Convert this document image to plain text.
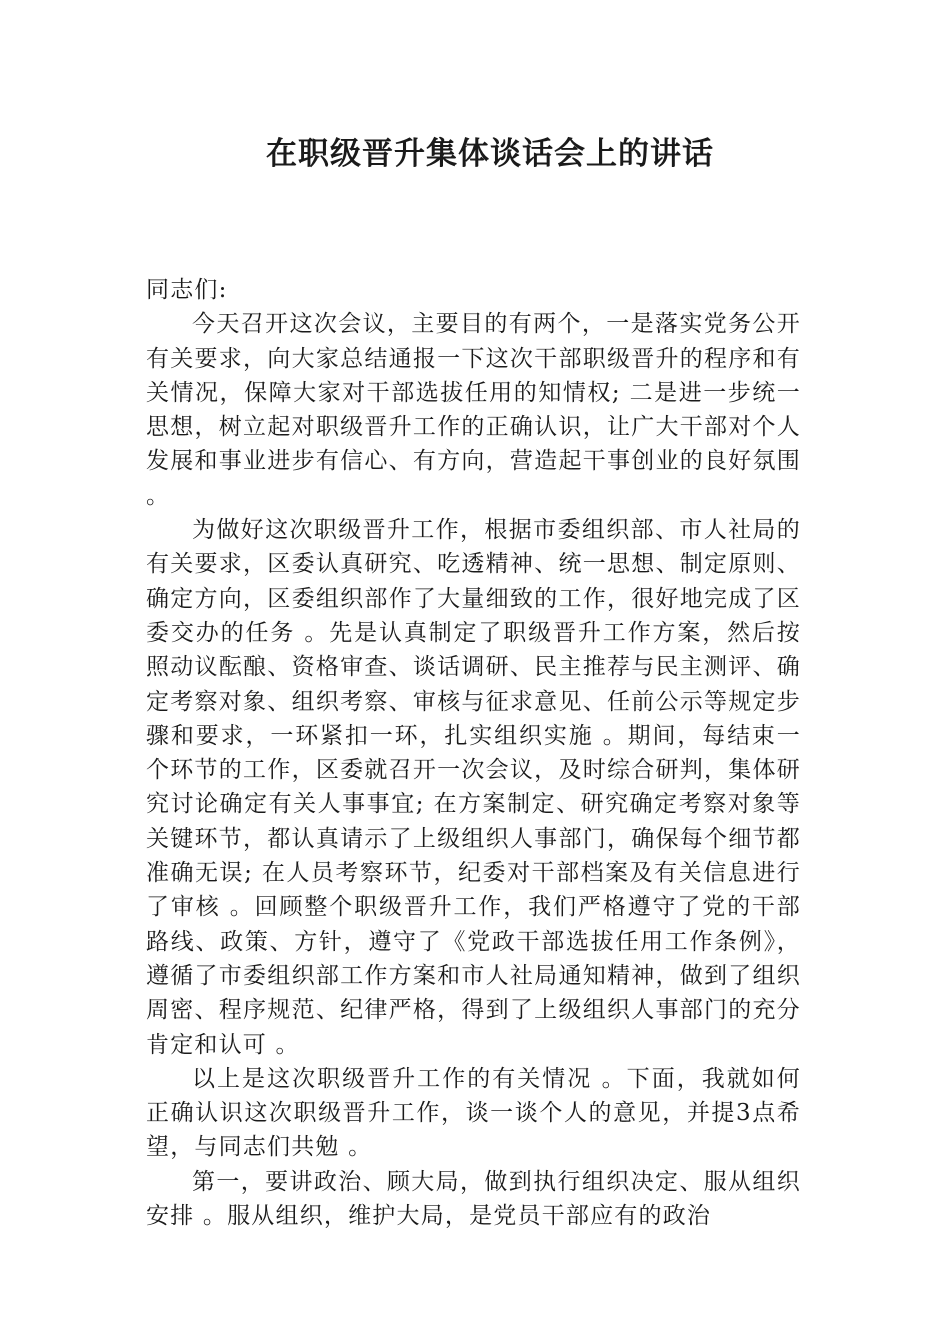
在职级晋升集体谈话会上的讲话

同志们:

今天召开这次会议，主要目的有两个，一是落实党务公开有关要求，向大家总结通报一下这次干部职级晋升的程序和有关情况，保障大家对干部选拔任用的知情权; 二是进一步统一思想，树立起对职级晋升工作的正确认识，让广大干部对个人发展和事业进步有信心、有方向，营造起干事创业的良好氛围 。

为做好这次职级晋升工作，根据市委组织部、市人社局的有关要求，区委认真研究、吃透精神、统一思想、制定原则、确定方向，区委组织部作了大量细致的工作，很好地完成了区委交办的任务 。先是认真制定了职级晋升工作方案，然后按照动议酝酿、资格审查、谈话调研、民主推荐与民主测评、确定考察对象、组织考察、审核与征求意见、任前公示等规定步骤和要求，一环紧扣一环，扎实组织实施 。期间，每结束一个环节的工作，区委就召开一次会议，及时综合研判，集体研究讨论确定有关人事事宜; 在方案制定、研究确定考察对象等关键环节，都认真请示了上级组织人事部门，确保每个细节都准确无误; 在人员考察环节，纪委对干部档案及有关信息进行了审核 。回顾整个职级晋升工作，我们严格遵守了党的干部路线、政策、方针，遵守了《党政干部选拔任用工作条例》，遵循了市委组织部工作方案和市人社局通知精神，做到了组织周密、程序规范、纪律严格，得到了上级组织人事部门的充分肯定和认可 。

以上是这次职级晋升工作的有关情况 。下面，我就如何正确认识这次职级晋升工作，谈一谈个人的意见，并提3点希望，与同志们共勉 。

第一，要讲政治、顾大局，做到执行组织决定、服从组织安排 。服从组织，维护大局，是党员干部应有的政治
